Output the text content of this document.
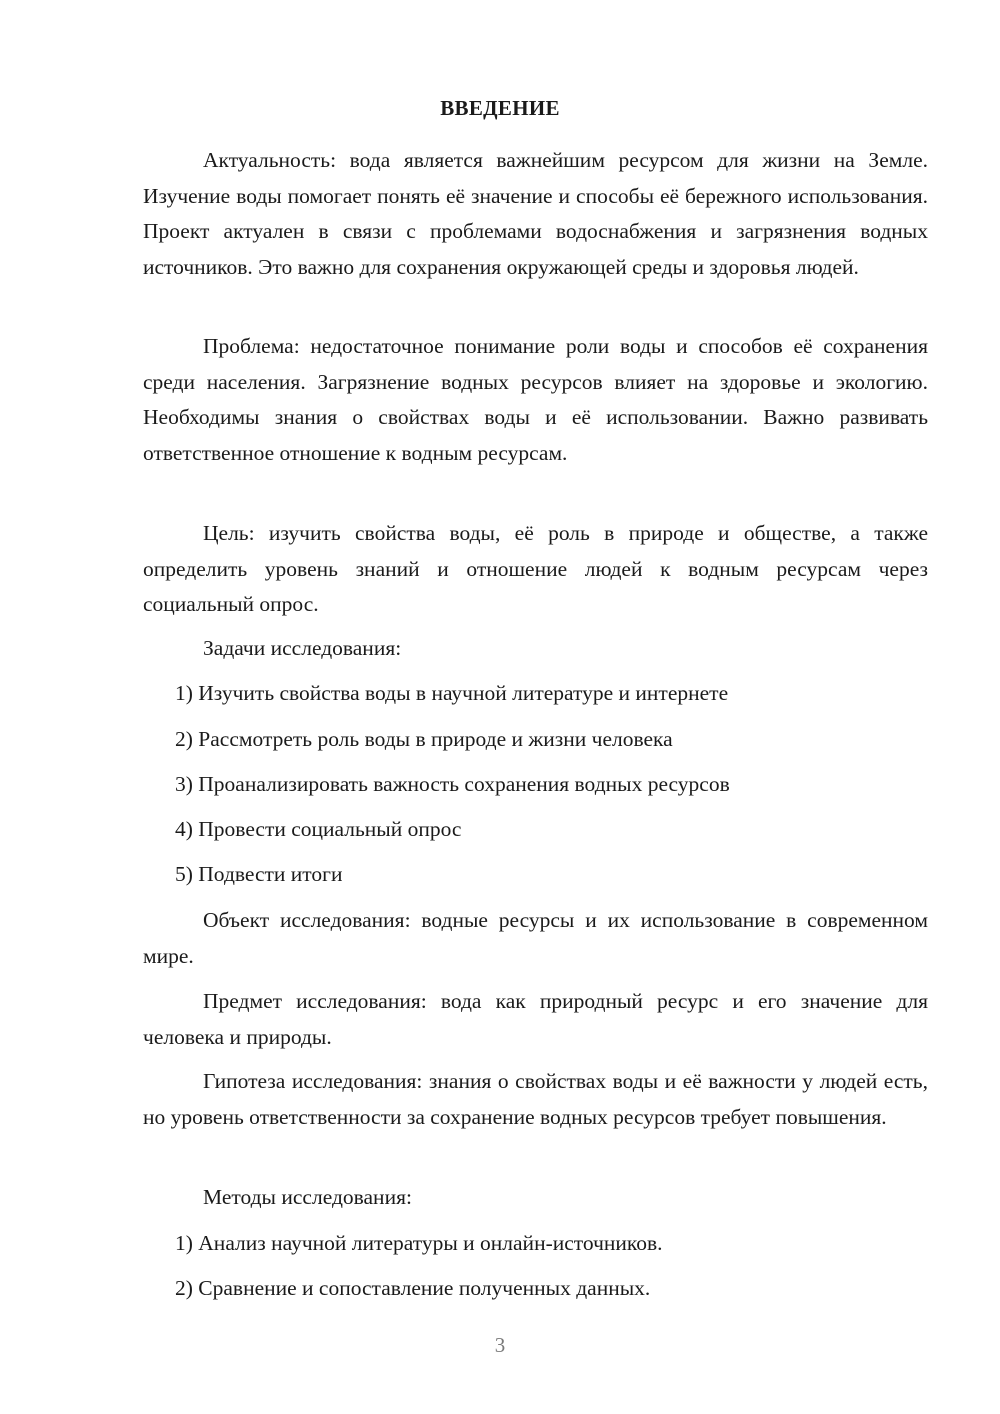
ВВЕДЕНИЕ

Актуальность: вода является важнейшим ресурсом для жизни на Земле. Изучение воды помогает понять её значение и способы её бережного использования. Проект актуален в связи с проблемами водоснабжения и загрязнения водных источников. Это важно для сохранения окружающей среды и здоровья людей.

Проблема: недостаточное понимание роли воды и способов её сохранения среди населения. Загрязнение водных ресурсов влияет на здоровье и экологию. Необходимы знания о свойствах воды и её использовании. Важно развивать ответственное отношение к водным ресурсам.

Цель: изучить свойства воды, её роль в природе и обществе, а также определить уровень знаний и отношение людей к водным ресурсам через социальный опрос.

Задачи исследования:

1) Изучить свойства воды в научной литературе и интернете

2) Рассмотреть роль воды в природе и жизни человека

3) Проанализировать важность сохранения водных ресурсов

4) Провести социальный опрос

5) Подвести итоги

Объект исследования: водные ресурсы и их использование в современном мире.

Предмет исследования: вода как природный ресурс и его значение для человека и природы.

Гипотеза исследования: знания о свойствах воды и её важности у людей есть, но уровень ответственности за сохранение водных ресурсов требует повышения.

Методы исследования:

1) Анализ научной литературы и онлайн-источников.

2) Сравнение и сопоставление полученных данных.

3
